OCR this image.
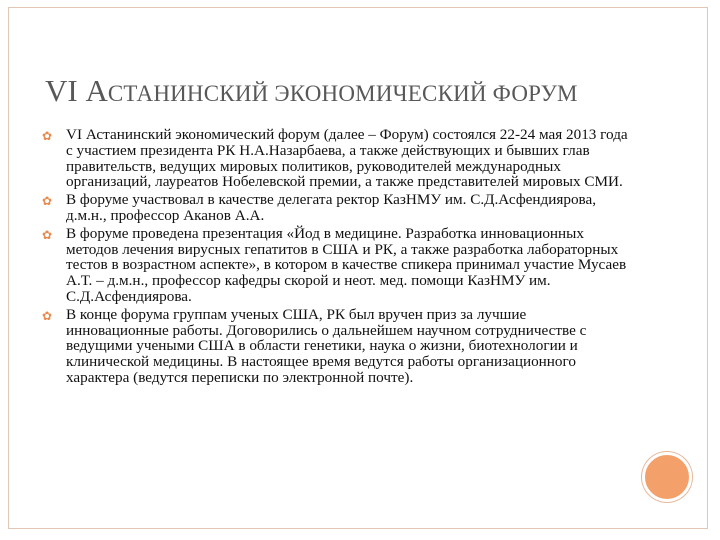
VI АСТАНИНСКИЙ ЭКОНОМИЧЕСКИЙ ФОРУМ
✿ VI Астанинский экономический форум (далее – Форум) состоялся 22-24 мая 2013 года с участием президента РК Н.А.Назарбаева, а также действующих и бывших глав правительств, ведущих мировых политиков, руководителей международных организаций, лауреатов Нобелевской премии, а также представителей мировых СМИ.
✿ В форуме участвовал в качестве делегата ректор КазНМУ им. С.Д.Асфендиярова, д.м.н., профессор Аканов А.А.
✿ В форуме проведена презентация «Йод в медицине. Разработка инновационных методов лечения вирусных гепатитов в США и РК, а также разработка лабораторных тестов в возрастном аспекте», в котором в качестве спикера принимал участие Мусаев А.Т. – д.м.н., профессор кафедры скорой и неот. мед. помощи КазНМУ им. С.Д.Асфендиярова.
✿ В конце форума группам ученых США, РК был вручен приз за лучшие инновационные работы. Договорились о дальнейшем научном сотрудничестве с ведущими учеными США в области генетики, наука о жизни, биотехнологии и клинической медицины. В настоящее время ведутся работы организационного характера (ведутся переписки по электронной почте).
